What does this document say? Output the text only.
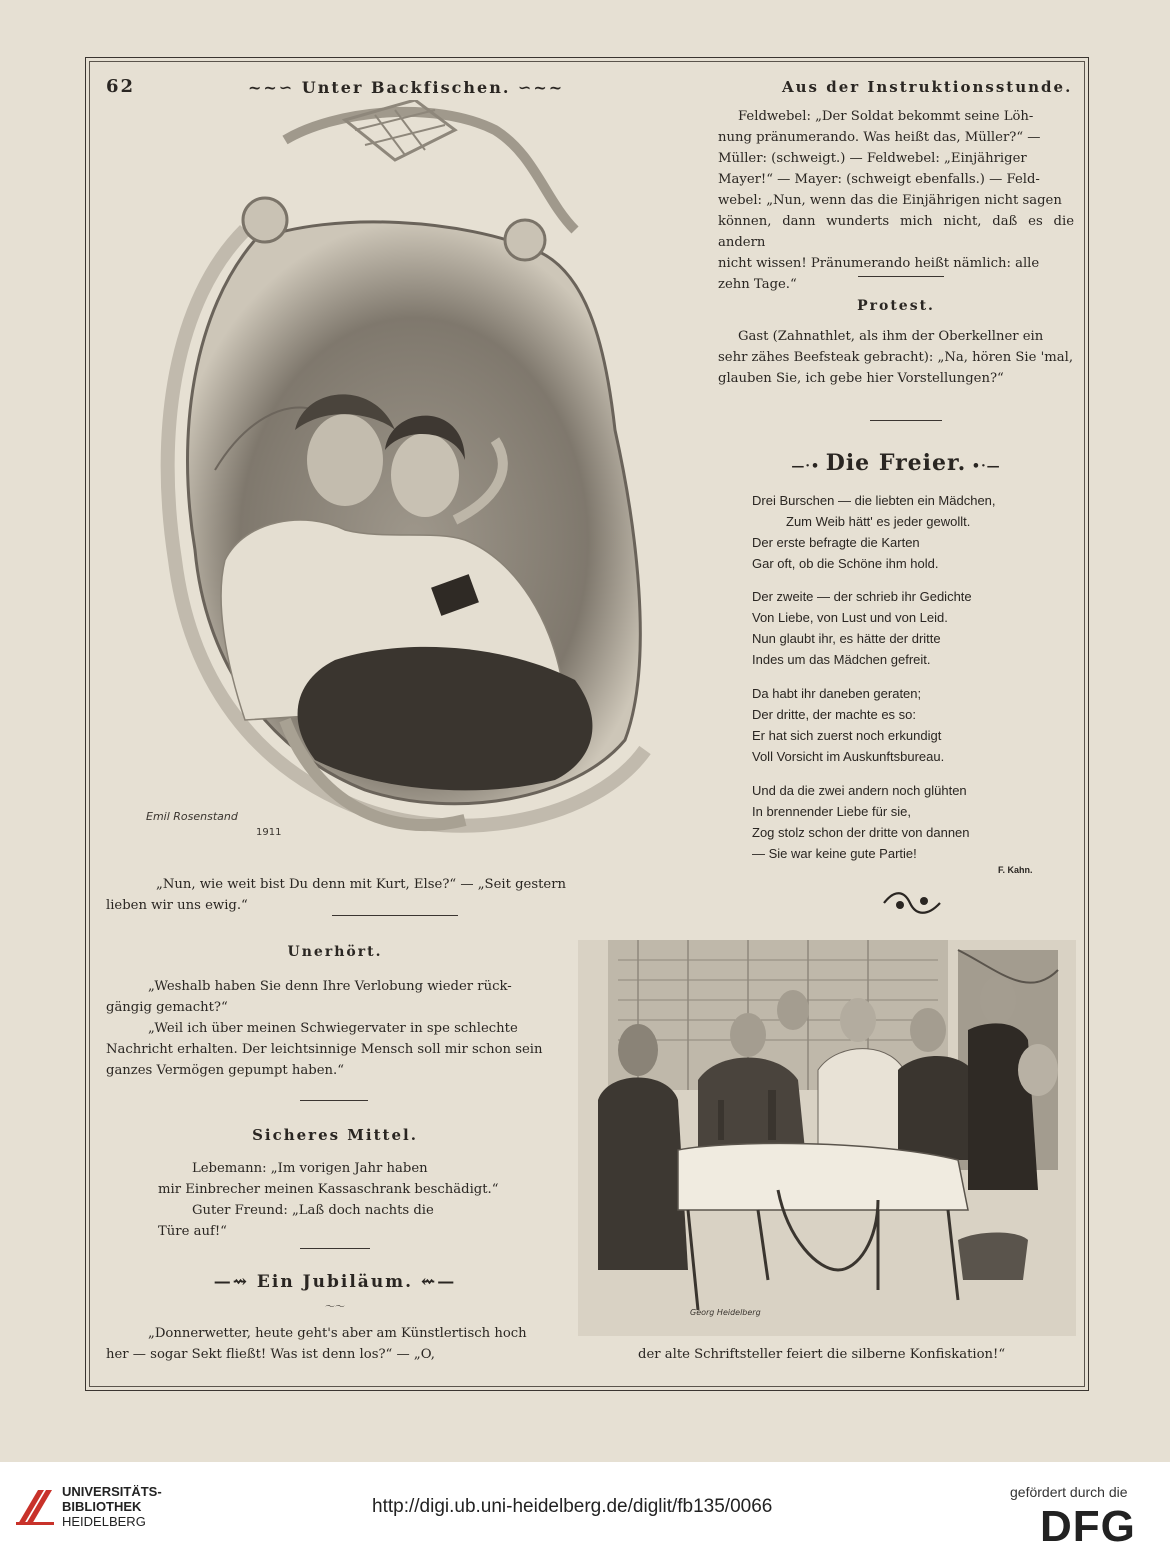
62	~~∽ Unter Backfischen. ∽~~	Aus der Instruktionsstunde.
Feldwebel: „Der Soldat bekommt seine Löh-
nung pränumerando. Was heißt das, Müller?“ —
Müller: (schweigt.) — Feldwebel: „Einjähriger
Mayer!“ — Mayer: (schweigt ebenfalls.) — Feld-
webel: „Nun, wenn das die Einjährigen nicht sagen
können, dann wunderts mich nicht, daß es die andern
nicht wissen! Pränumerando heißt nämlich: alle
zehn Tage.“
Protest.
Gast (Zahnathlet, als ihm der Oberkellner ein
sehr zähes Beefsteak gebracht): „Na, hören Sie 'mal,
glauben Sie, ich gebe hier Vorstellungen?“
—·• Die Freier. •·—
Drei Burschen — die liebten ein Mädchen,
Zum Weib hätt' es jeder gewollt.
Der erste befragte die Karten
Gar oft, ob die Schöne ihm hold.
Der zweite — der schrieb ihr Gedichte
Von Liebe, von Lust und von Leid.
Nun glaubt ihr, es hätte der dritte
Indes um das Mädchen gefreit.
Da habt ihr daneben geraten;
Der dritte, der machte es so:
Er hat sich zuerst noch erkundigt
Voll Vorsicht im Auskunftsbureau.
Und da die zwei andern noch glühten
In brennender Liebe für sie,
Zog stolz schon der dritte von dannen
— Sie war keine gute Partie!
F. Kahn.
Emil Rosenstand
1911
„Nun, wie weit bist Du denn mit Kurt, Else?“ — „Seit gestern
lieben wir uns ewig.“
Unerhört.
„Weshalb haben Sie denn Ihre Verlobung wieder rück-
gängig gemacht?“
„Weil ich über meinen Schwiegervater in spe schlechte
Nachricht erhalten. Der leichtsinnige Mensch soll mir schon sein
ganzes Vermögen gepumpt haben.“
Sicheres Mittel.
Lebemann: „Im vorigen Jahr haben
mir Einbrecher meinen Kassaschrank beschädigt.“
Guter Freund: „Laß doch nachts die
Türe auf!“
—⇝ Ein Jubiläum. ⇜—
〜〜
„Donnerwetter, heute geht's aber am Künstlertisch hoch
her — sogar Sekt fließt! Was ist denn los?“ — „O,	der alte Schriftsteller feiert die silberne Konfiskation!“
Georg Heidelberg
UNIVERSITÄTS-
BIBLIOTHEK
HEIDELBERG
http://digi.ub.uni-heidelberg.de/diglit/fb135/0066
gefördert durch die
DFG
